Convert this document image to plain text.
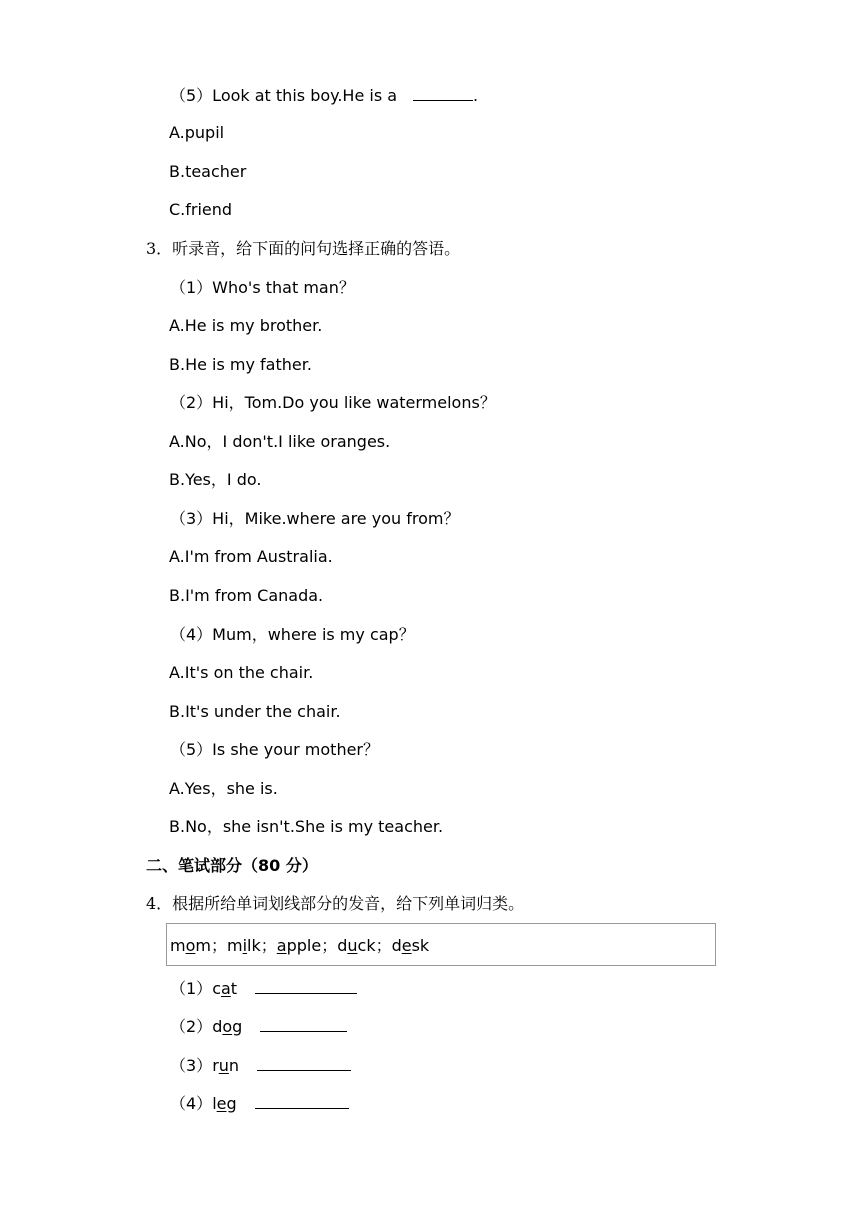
（5）Look at this boy.He is a	.
A.pupil
B.teacher
C.friend
3．听录音，给下面的问句选择正确的答语。
（1）Who's that man？
A.He is my brother.
B.He is my father.
（2）Hi，Tom.Do you like watermelons？
A.No，I don't.I like oranges.
B.Yes，I do.
（3）Hi，Mike.where are you from？
A.I'm from Australia.
B.I'm from Canada.
（4）Mum，where is my cap？
A.It's on the chair.
B.It's under the chair.
（5）Is she your mother？
A.Yes，she is.
B.No，she isn't.She is my teacher.
二、笔试部分（80 分）
4．根据所给单词划线部分的发音，给下列单词归类。
mom；milk；apple；duck；desk
（1）cat
（2）dog
（3）run
（4）leg
